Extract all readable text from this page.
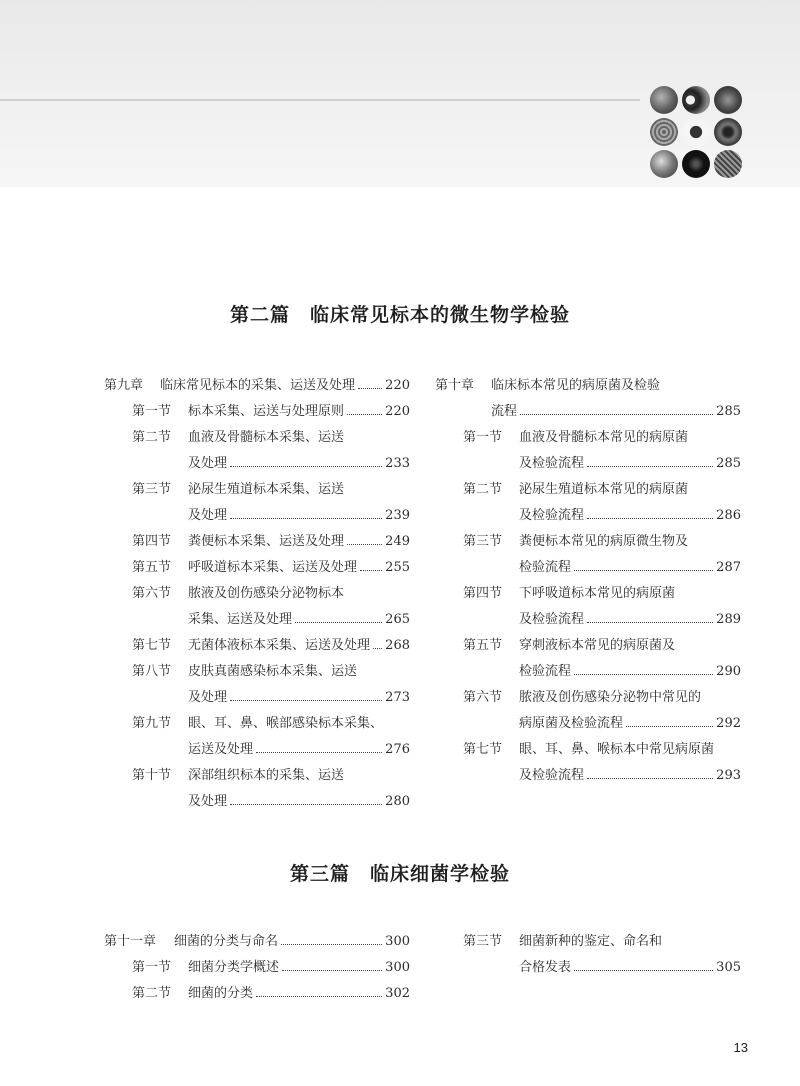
第二篇　临床常见标本的微生物学检验
第九章 临床常见标本的采集、运送及处理 220
第一节 标本采集、运送与处理原则	220
第二节 血液及骨髓标本采集、运送
及处理	233
第三节 泌尿生殖道标本采集、运送
及处理	239
第四节 粪便标本采集、运送及处理	249
第五节 呼吸道标本采集、运送及处理 255
第六节 脓液及创伤感染分泌物标本
采集、运送及处理	265
第七节 无菌体液标本采集、运送及处理 268
第八节 皮肤真菌感染标本采集、运送
及处理	273
第九节 眼、耳、鼻、喉部感染标本采集、
运送及处理	276
第十节 深部组织标本的采集、运送
及处理	280
第十章 临床标本常见的病原菌及检验
流程	285
第一节 血液及骨髓标本常见的病原菌
及检验流程	285
第二节 泌尿生殖道标本常见的病原菌
及检验流程	286
第三节 粪便标本常见的病原微生物及
检验流程	287
第四节 下呼吸道标本常见的病原菌
及检验流程	289
第五节 穿刺液标本常见的病原菌及
检验流程	290
第六节 脓液及创伤感染分泌物中常见的
病原菌及检验流程	292
第七节 眼、耳、鼻、喉标本中常见病原菌
及检验流程	293
第三篇　临床细菌学检验
第十一章 细菌的分类与命名	300
第一节 细菌分类学概述	300
第二节 细菌的分类	302
第三节 细菌新种的鉴定、命名和
合格发表	305
13
